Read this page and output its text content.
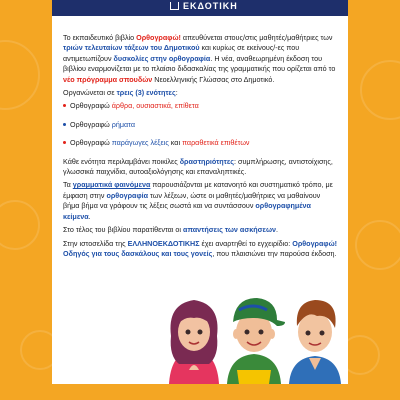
ΕΚΔΟΤΙΚΗ

Το εκπαιδευτικό βιβλίο Ορθογραφώ! απευθύνεται στους/στις μαθητές/μαθήτριες των τριών τελευταίων τάξεων του Δημοτικού και κυρίως σε εκείνους/-ες που αντιμετωπίζουν δυσκολίες στην ορθογραφία. Η νέα, αναθεωρημένη έκδοση του βιβλίου εναρμονίζεται με το πλαίσιο διδασκαλίας της γραμματικής που ορίζεται από το νέο πρόγραμμα σπουδών Νεοελληνικής Γλώσσας στο Δημοτικό.

Οργανώνεται σε τρεις (3) ενότητες:

Ορθογραφώ άρθρα, ουσιαστικά, επίθετα
Ορθογραφώ ρήματα
Ορθογραφώ παράγωγες λέξεις και παραθετικά επιθέτων

Κάθε ενότητα περιλαμβάνει ποικίλες δραστηριότητες: συμπλήρωσης, αντιστοίχισης, γλωσσικά παιχνίδια, αυτοαξιολόγησης και επαναληπτικές.

Τα γραμματικά φαινόμενα παρουσιάζονται με κατανοητό και συστηματικό τρόπο, με έμφαση στην ορθογραφία των λέξεων, ώστε οι μαθητές/μαθήτριες να μαθαίνουν βήμα βήμα να γράφουν τις λέξεις σωστά και να συντάσσουν ορθογραφημένα κείμενα.

Στο τέλος του βιβλίου παρατίθενται οι απαντήσεις των ασκήσεων.

Στην ιστοσελίδα της ΕΛΛΗΝΟΕΚΔΟΤΙΚΗΣ έχει αναρτηθεί το εγχειρίδιο: Ορθογραφώ! Οδηγός για τους δασκάλους και τους γονείς, που πλαισιώνει την παρούσα έκδοση.
